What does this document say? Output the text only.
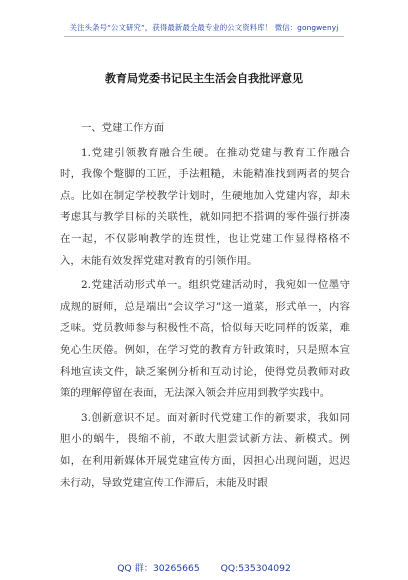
关注头条号“公文研究”，获得最新最全最专业的公文资料库！ 微信：gongwenyj
教育局党委书记民主生活会自我批评意见

一、党建工作方面

1.党建引领教育融合生硬。在推动党建与教育工作融合时，我像个蹩脚的工匠，手法粗糙，未能精准找到两者的契合点。比如在制定学校教学计划时，生硬地加入党建内容，却未考虑其与教学目标的关联性，就如同把不搭调的零件强行拼凑在一起，不仅影响教学的连贯性，也让党建工作显得格格不入，未能有效发挥党建对教育的引领作用。

2.党建活动形式单一。组织党建活动时，我宛如一位墨守成规的厨师，总是端出“会议学习”这一道菜，形式单一，内容乏味。党员教师参与积极性不高，恰似每天吃同样的饭菜，难免心生厌倦。例如，在学习党的教育方针政策时，只是照本宣科地宣读文件，缺乏案例分析和互动讨论，使得党员教师对政策的理解停留在表面，无法深入领会并应用到教学实践中。

3.创新意识不足。面对新时代党建工作的新要求，我如同胆小的蜗牛，畏缩不前，不敢大胆尝试新方法、新模式。例如，在利用新媒体开展党建宣传方面，因担心出现问题，迟迟未行动，导致党建宣传工作滞后，未能及时跟

QQ 群：30265665 QQ:535304092
